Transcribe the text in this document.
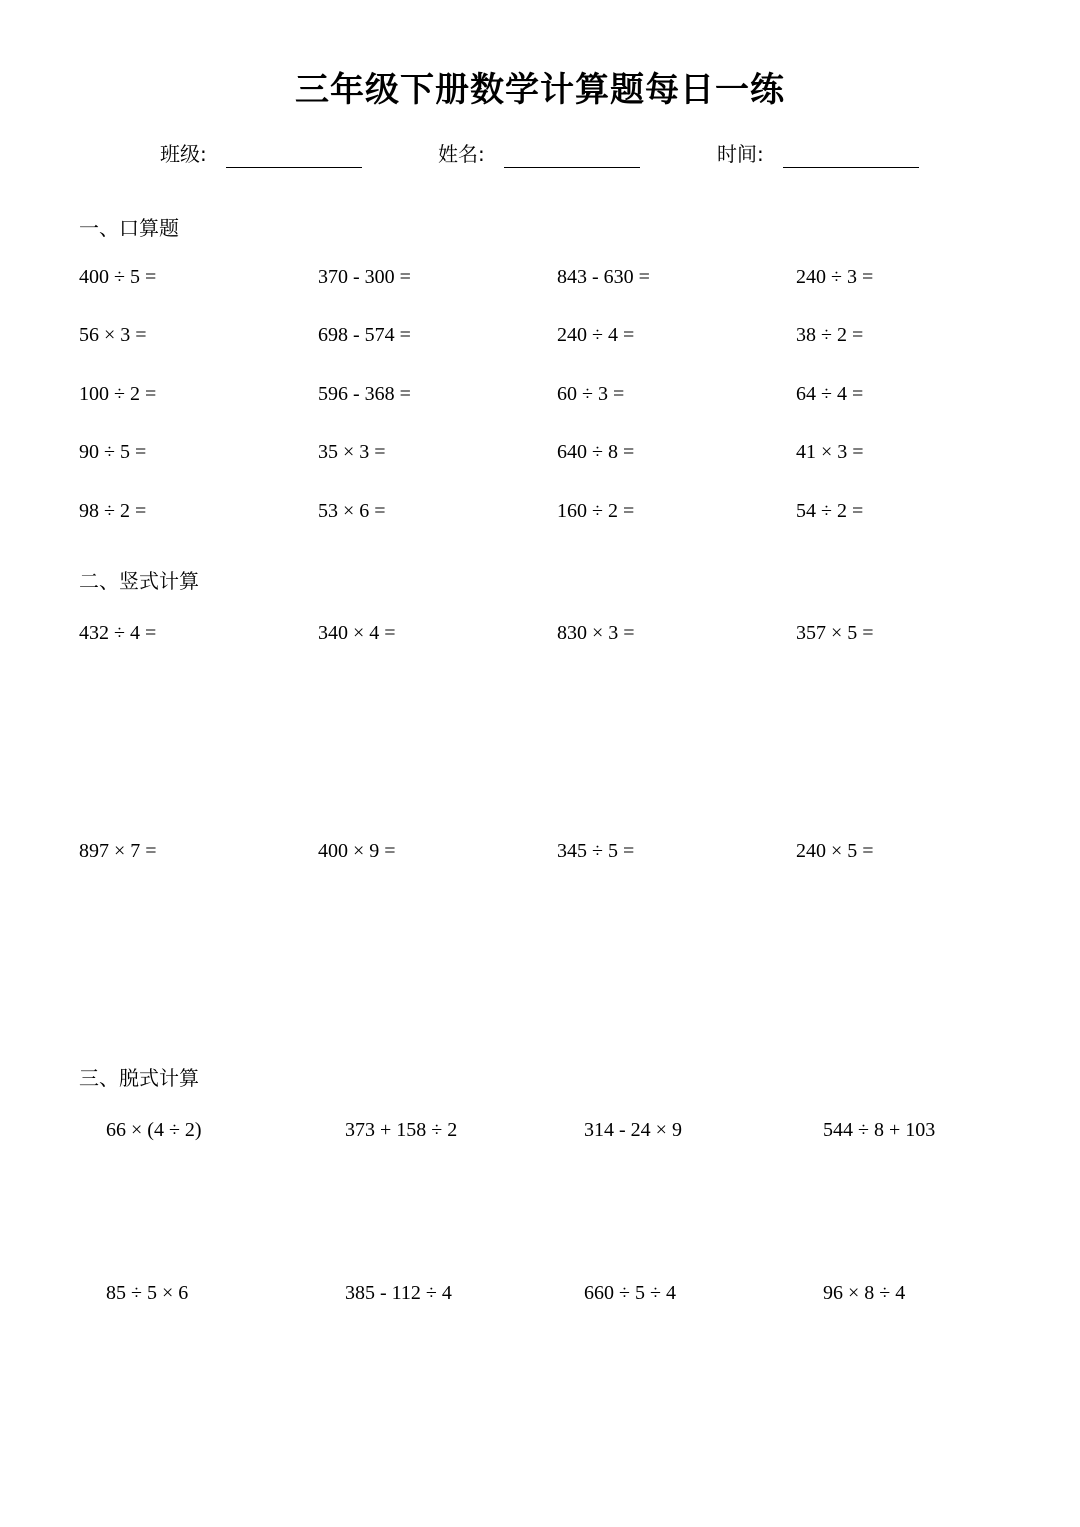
三年级下册数学计算题每日一练
班级:	姓名:	时间:
一、口算题
400 ÷ 5 =	370 - 300 =	843 - 630 =	240 ÷ 3 =
56 × 3 =	698 - 574 =	240 ÷ 4 =	38 ÷ 2 =
100 ÷ 2 =	596 - 368 =	60 ÷ 3 =	64 ÷ 4 =
90 ÷ 5 =	35 × 3 =	640 ÷ 8 =	41 × 3 =
98 ÷ 2 =	53 × 6 =	160 ÷ 2 =	54 ÷ 2 =
二、竖式计算
432 ÷ 4 =	340 × 4 =	830 × 3 =	357 × 5 =
897 × 7 =	400 × 9 =	345 ÷ 5 =	240 × 5 =
三、脱式计算
66 × (4 ÷ 2)	373 + 158 ÷ 2	314 - 24 × 9	544 ÷ 8 + 103
85 ÷ 5 × 6	385 - 112 ÷ 4	660 ÷ 5 ÷ 4	96 × 8 ÷ 4
